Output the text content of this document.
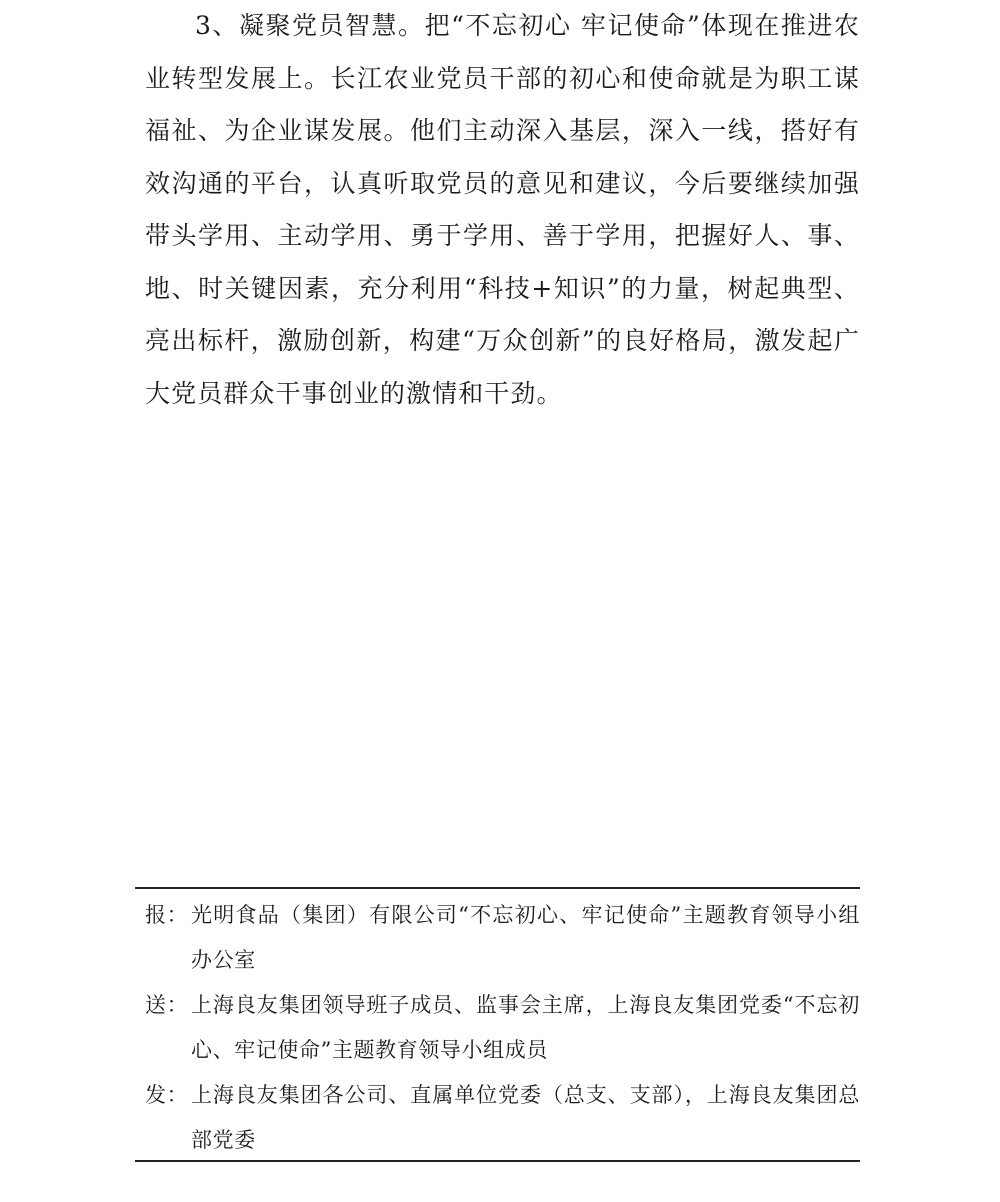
3、凝聚党员智慧。把“不忘初心 牢记使命”体现在推进农业转型发展上。长江农业党员干部的初心和使命就是为职工谋福祉、为企业谋发展。他们主动深入基层，深入一线，搭好有效沟通的平台，认真听取党员的意见和建议，今后要继续加强带头学用、主动学用、勇于学用、善于学用，把握好人、事、地、时关键因素，充分利用“科技+知识”的力量，树起典型、亮出标杆，激励创新，构建“万众创新”的良好格局，激发起广大党员群众干事创业的激情和干劲。

报： 光明食品（集团）有限公司“不忘初心、牢记使命”主题教育领导小组办公室
送： 上海良友集团领导班子成员、监事会主席，上海良友集团党委“不忘初心、牢记使命”主题教育领导小组成员
发： 上海良友集团各公司、直属单位党委（总支、支部），上海良友集团总部党委
